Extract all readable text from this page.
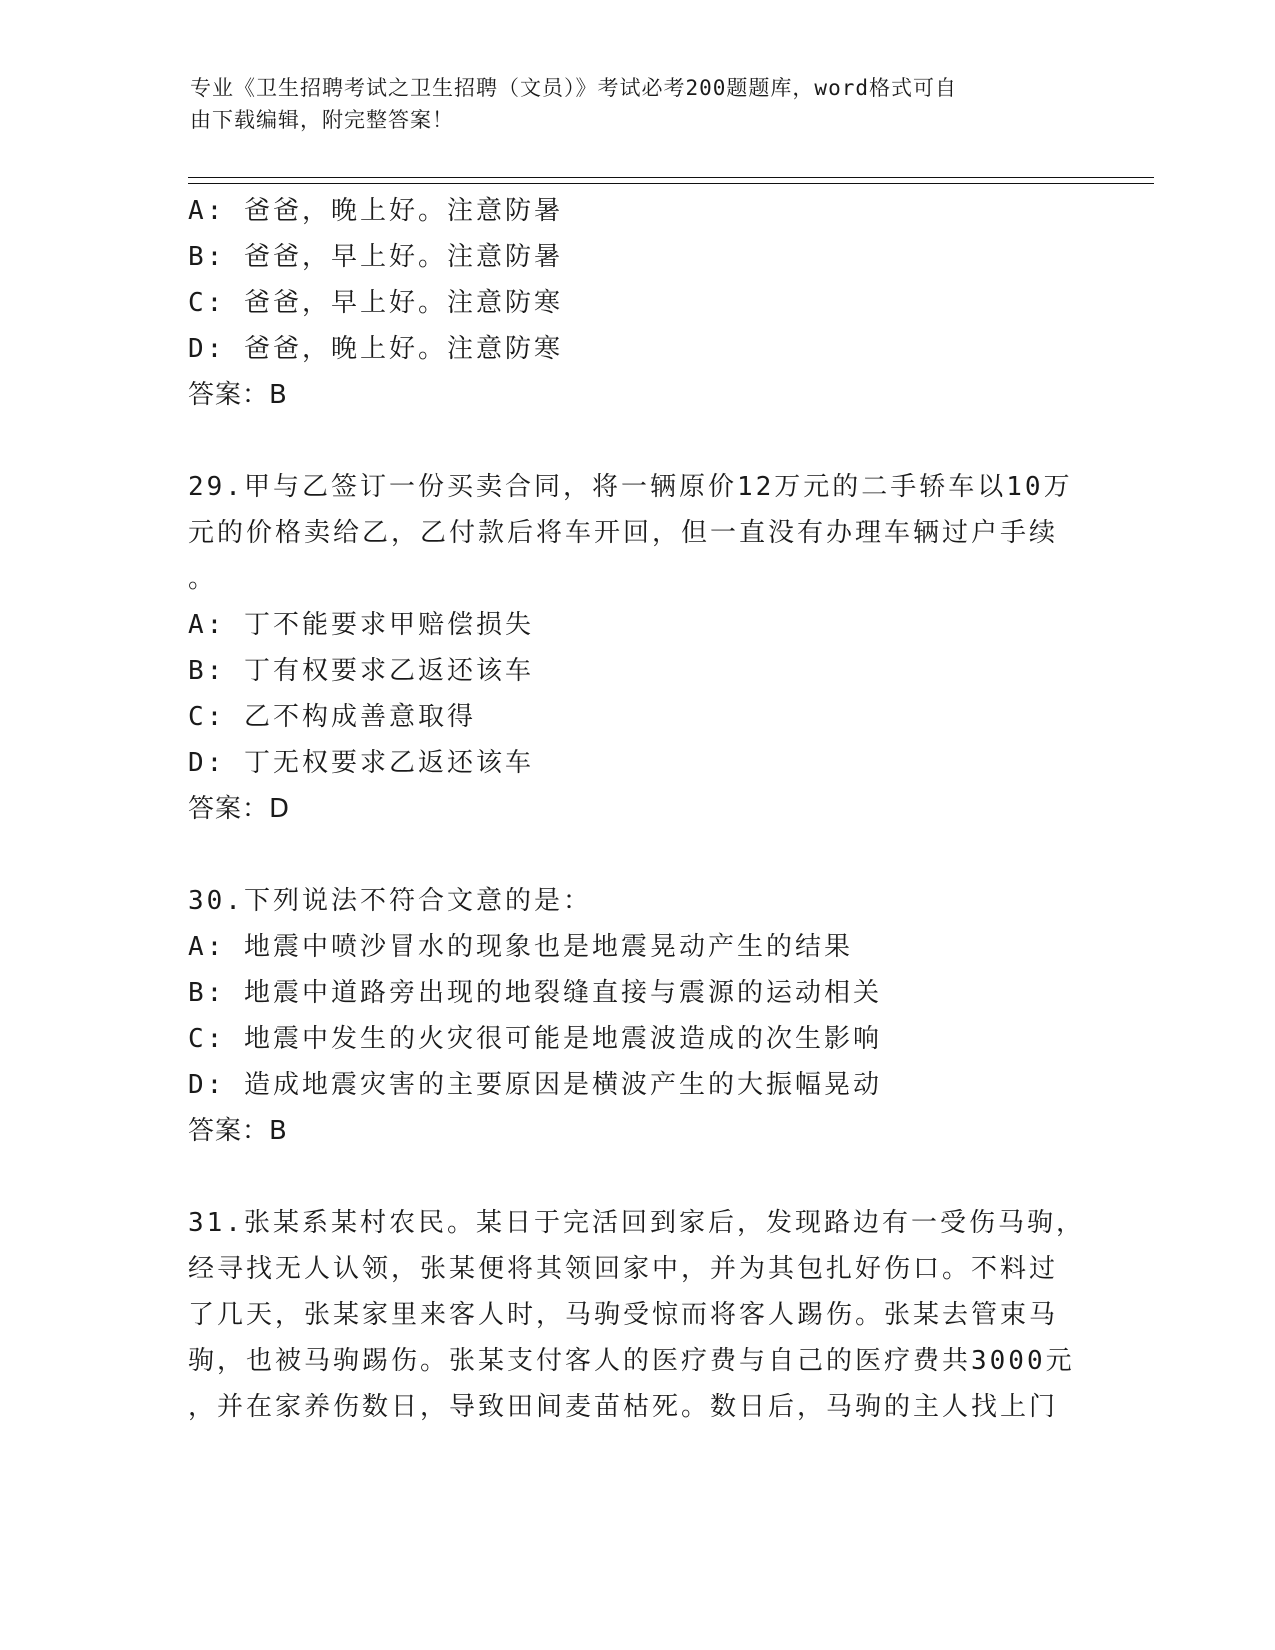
专业《卫生招聘考试之卫生招聘（文员）》考试必考200题题库，word格式可自
由下载编辑，附完整答案！
A: 爸爸，晚上好。注意防暑
B: 爸爸，早上好。注意防暑
C: 爸爸，早上好。注意防寒
D: 爸爸，晚上好。注意防寒
答案：B
29.甲与乙签订一份买卖合同，将一辆原价12万元的二手轿车以10万
元的价格卖给乙，乙付款后将车开回，但一直没有办理车辆过户手续
。
A: 丁不能要求甲赔偿损失
B: 丁有权要求乙返还该车
C: 乙不构成善意取得
D: 丁无权要求乙返还该车
答案：D
30.下列说法不符合文意的是：
A: 地震中喷沙冒水的现象也是地震晃动产生的结果
B: 地震中道路旁出现的地裂缝直接与震源的运动相关
C: 地震中发生的火灾很可能是地震波造成的次生影响
D: 造成地震灾害的主要原因是横波产生的大振幅晃动
答案：B
31.张某系某村农民。某日于完活回到家后，发现路边有一受伤马驹，
经寻找无人认领，张某便将其领回家中，并为其包扎好伤口。不料过
了几天，张某家里来客人时，马驹受惊而将客人踢伤。张某去管束马
驹，也被马驹踢伤。张某支付客人的医疗费与自己的医疗费共3000元
，并在家养伤数日，导致田间麦苗枯死。数日后，马驹的主人找上门
